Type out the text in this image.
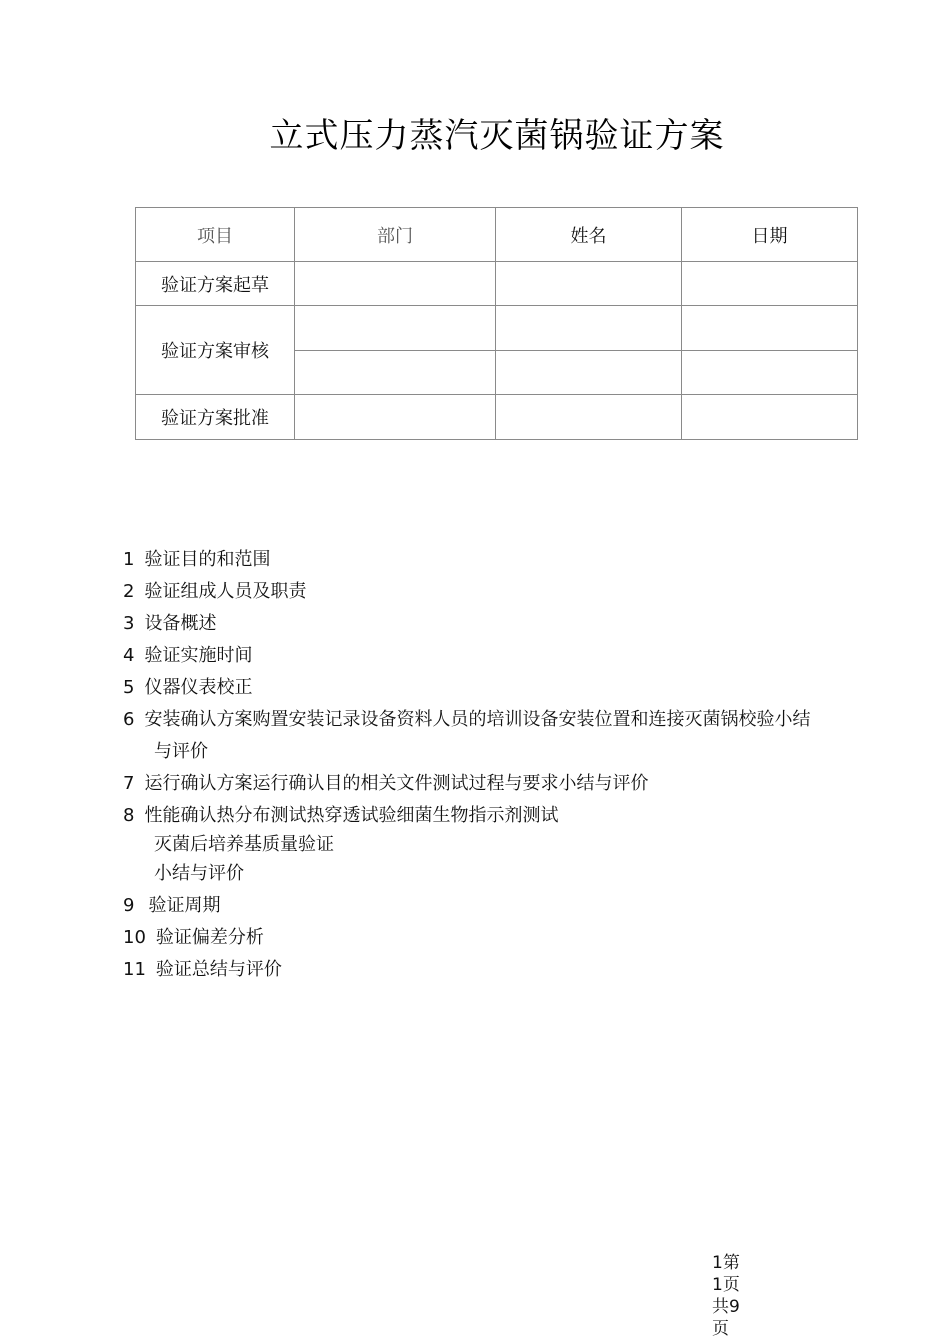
立式压力蒸汽灭菌锅验证方案
项目	部门	姓名	日期
验证方案起草			
验证方案审核			

验证方案批准			
1 验证目的和范围
2 验证组成人员及职责
3 设备概述
4 验证实施时间
5 仪器仪表校正
6 安装确认方案购置安装记录设备资料人员的培训设备安装位置和连接灭菌锅校验小结
与评价
7 运行确认方案运行确认目的相关文件测试过程与要求小结与评价
8 性能确认热分布测试热穿透试验细菌生物指示剂测试
灭菌后培养基质量验证
小结与评价
9 验证周期
10 验证偏差分析
11 验证总结与评价
1第
1页
共9
页
